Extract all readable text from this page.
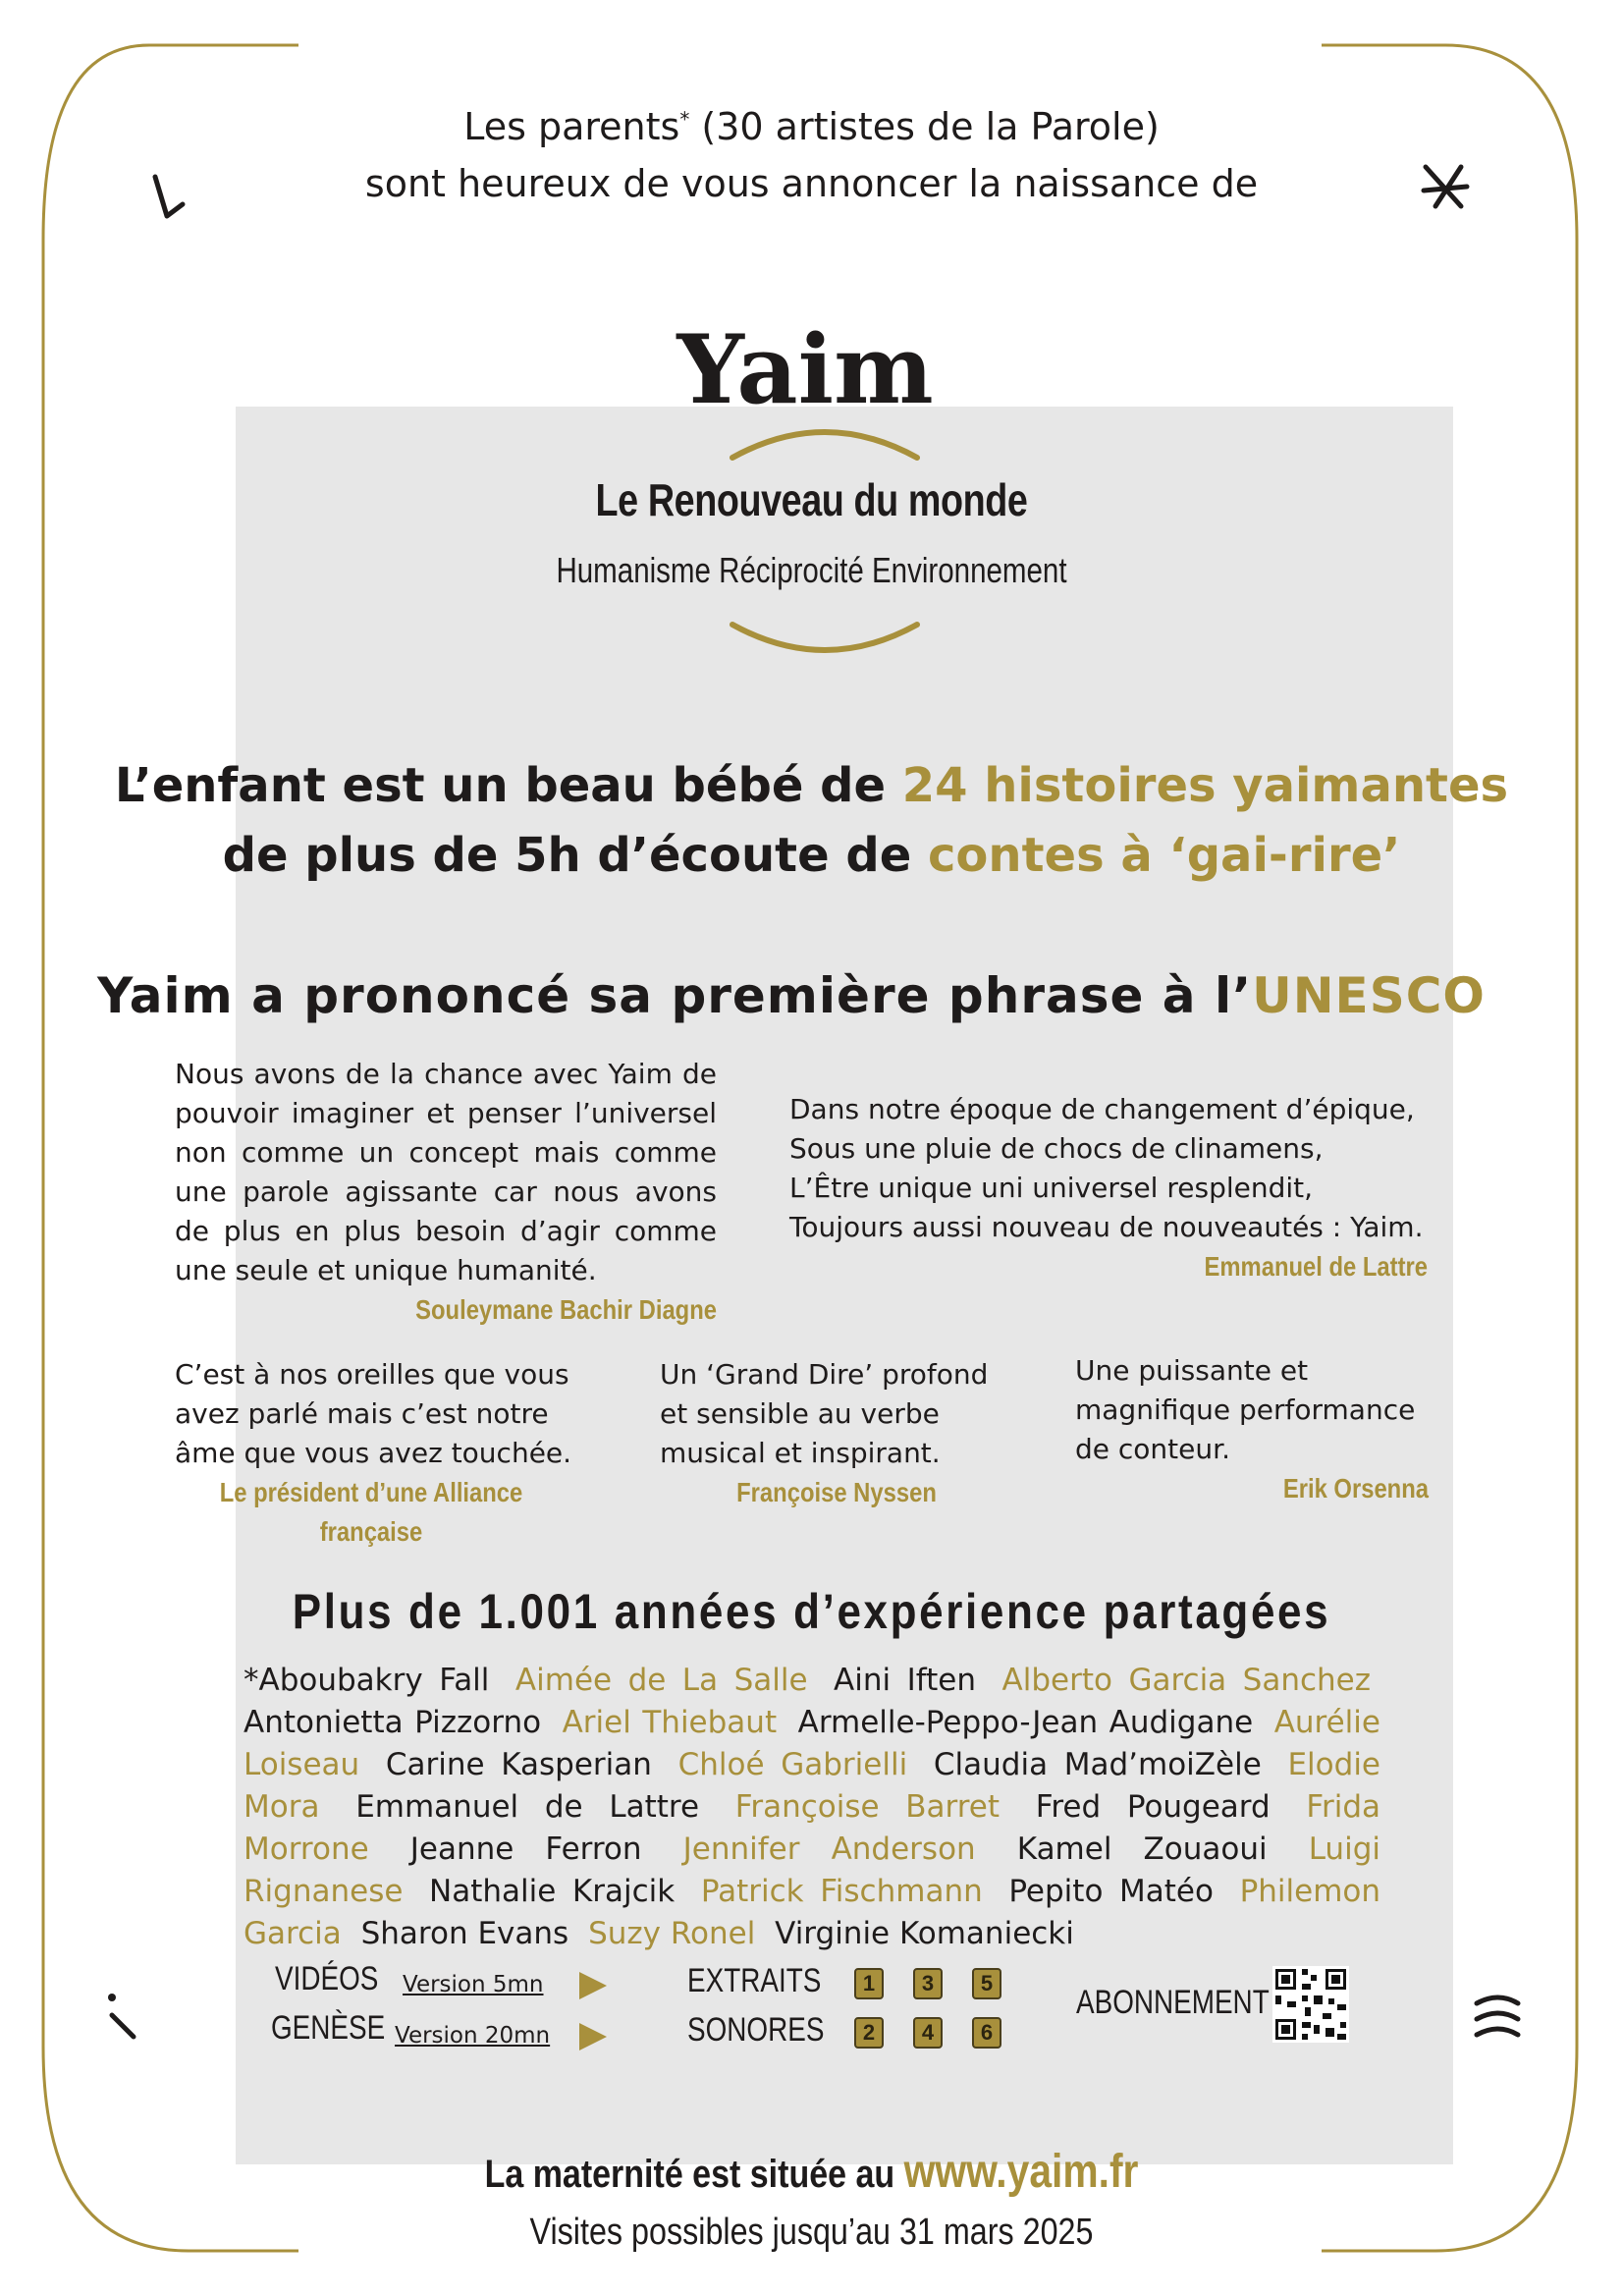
Les parents* (30 artistes de la Parole)
sont heureux de vous annoncer la naissance de
Yaim
Le Renouveau du monde
Humanisme Réciprocité Environnement
L’enfant est un beau bébé de 24 histoires yaimantes
de plus de 5h d’écoute de contes à ‘gai-rire’
Yaim a prononcé sa première phrase à l’UNESCO
Nous avons de la chance avec Yaim de pouvoir imaginer et penser l’universel non comme un concept mais comme une parole agissante car nous avons de plus en plus besoin d’agir comme une seule et unique humanité.
Souleymane Bachir Diagne
Dans notre époque de changement d’épique,
Sous une pluie de chocs de clinamens,
L’Être unique uni universel resplendit,
Toujours aussi nouveau de nouveautés : Yaim.
Emmanuel de Lattre
C’est à nos oreilles que vous avez parlé mais c’est notre âme que vous avez touchée.
Le président d’une Alliance française
Un ‘Grand Dire’ profond et sensible au verbe musical et inspirant.
Françoise Nyssen
Une puissante et magnifique performance de conteur.
Erik Orsenna
Plus de 1.001 années d’expérience partagées
*Aboubakry Fall Aimée de La Salle Aini Iften Alberto Garcia Sanchez Antonietta Pizzorno Ariel Thiebaut Armelle-Peppo-Jean Audigane Aurélie Loiseau Carine Kasperian Chloé Gabrielli Claudia Mad’moiZèle Elodie Mora Emmanuel de Lattre Françoise Barret Fred Pougeard Frida Morrone Jeanne Ferron Jennifer Anderson Kamel Zouaoui Luigi Rignanese Nathalie Krajcik Patrick Fischmann Pepito Matéo Philemon Garcia Sharon Evans Suzy Ronel Virginie Komaniecki
VIDÉOS
GENÈSE
Version 5mn
Version 20mn
EXTRAITS
SONORES
1	3	5
2	4	6
ABONNEMENT
La maternité est située au www.yaim.fr
Visites possibles jusqu’au 31 mars 2025
